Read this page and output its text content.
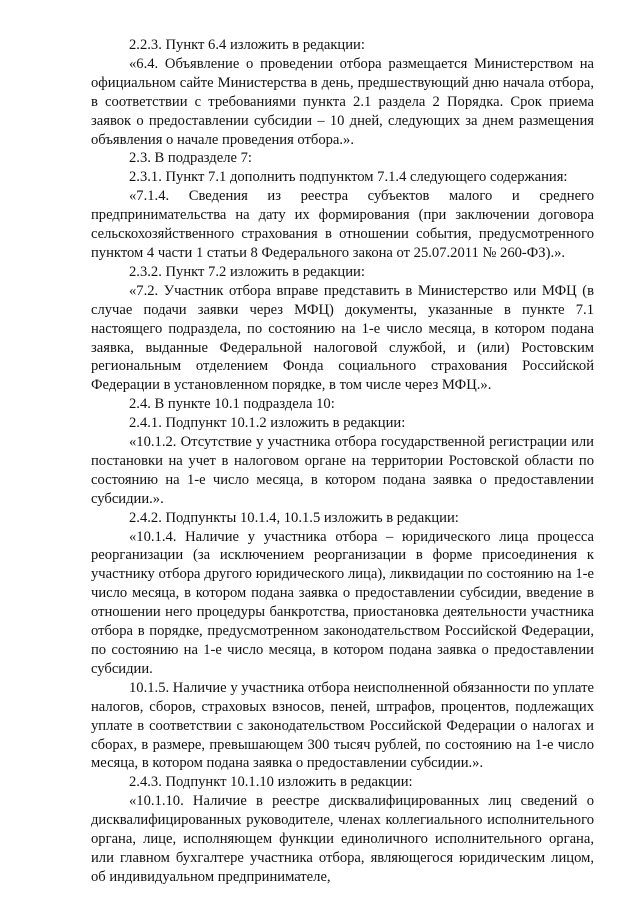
2.2.3. Пункт 6.4 изложить в редакции:

«6.4. Объявление о проведении отбора размещается Министерством на официальном сайте Министерства в день, предшествующий дню начала отбора, в соответствии с требованиями пункта 2.1 раздела 2 Порядка. Срок приема заявок о предоставлении субсидии – 10 дней, следующих за днем размещения объявления о начале проведения отбора.».

2.3. В подразделе 7:

2.3.1. Пункт 7.1 дополнить подпунктом 7.1.4 следующего содержания:

«7.1.4. Сведения из реестра субъектов малого и среднего предпринимательства на дату их формирования (при заключении договора сельскохозяйственного страхования в отношении события, предусмотренного пунктом 4 части 1 статьи 8 Федерального закона от 25.07.2011 № 260-ФЗ).».

2.3.2. Пункт 7.2 изложить в редакции:

«7.2. Участник отбора вправе представить в Министерство или МФЦ (в случае подачи заявки через МФЦ) документы, указанные в пункте 7.1 настоящего подраздела, по состоянию на 1-е число месяца, в котором подана заявка, выданные Федеральной налоговой службой, и (или) Ростовским региональным отделением Фонда социального страхования Российской Федерации в установленном порядке, в том числе через МФЦ.».

2.4. В пункте 10.1 подраздела 10:

2.4.1. Подпункт 10.1.2 изложить в редакции:

«10.1.2. Отсутствие у участника отбора государственной регистрации или постановки на учет в налоговом органе на территории Ростовской области по состоянию на 1-е число месяца, в котором подана заявка о предоставлении субсидии.».

2.4.2. Подпункты 10.1.4, 10.1.5 изложить в редакции:

«10.1.4. Наличие у участника отбора – юридического лица процесса реорганизации (за исключением реорганизации в форме присоединения к участнику отбора другого юридического лица), ликвидации по состоянию на 1-е число месяца, в котором подана заявка о предоставлении субсидии, введение в отношении него процедуры банкротства, приостановка деятельности участника отбора в порядке, предусмотренном законодательством Российской Федерации, по состоянию на 1-е число месяца, в котором подана заявка о предоставлении субсидии.

10.1.5. Наличие у участника отбора неисполненной обязанности по уплате налогов, сборов, страховых взносов, пеней, штрафов, процентов, подлежащих уплате в соответствии с законодательством Российской Федерации о налогах и сборах, в размере, превышающем 300 тысяч рублей, по состоянию на 1-е число месяца, в котором подана заявка о предоставлении субсидии.».

2.4.3. Подпункт 10.1.10 изложить в редакции:

«10.1.10. Наличие в реестре дисквалифицированных лиц сведений о дисквалифицированных руководителе, членах коллегиального исполнительного органа, лице, исполняющем функции единоличного исполнительного органа, или главном бухгалтере участника отбора, являющегося юридическим лицом, об индивидуальном предпринимателе,
